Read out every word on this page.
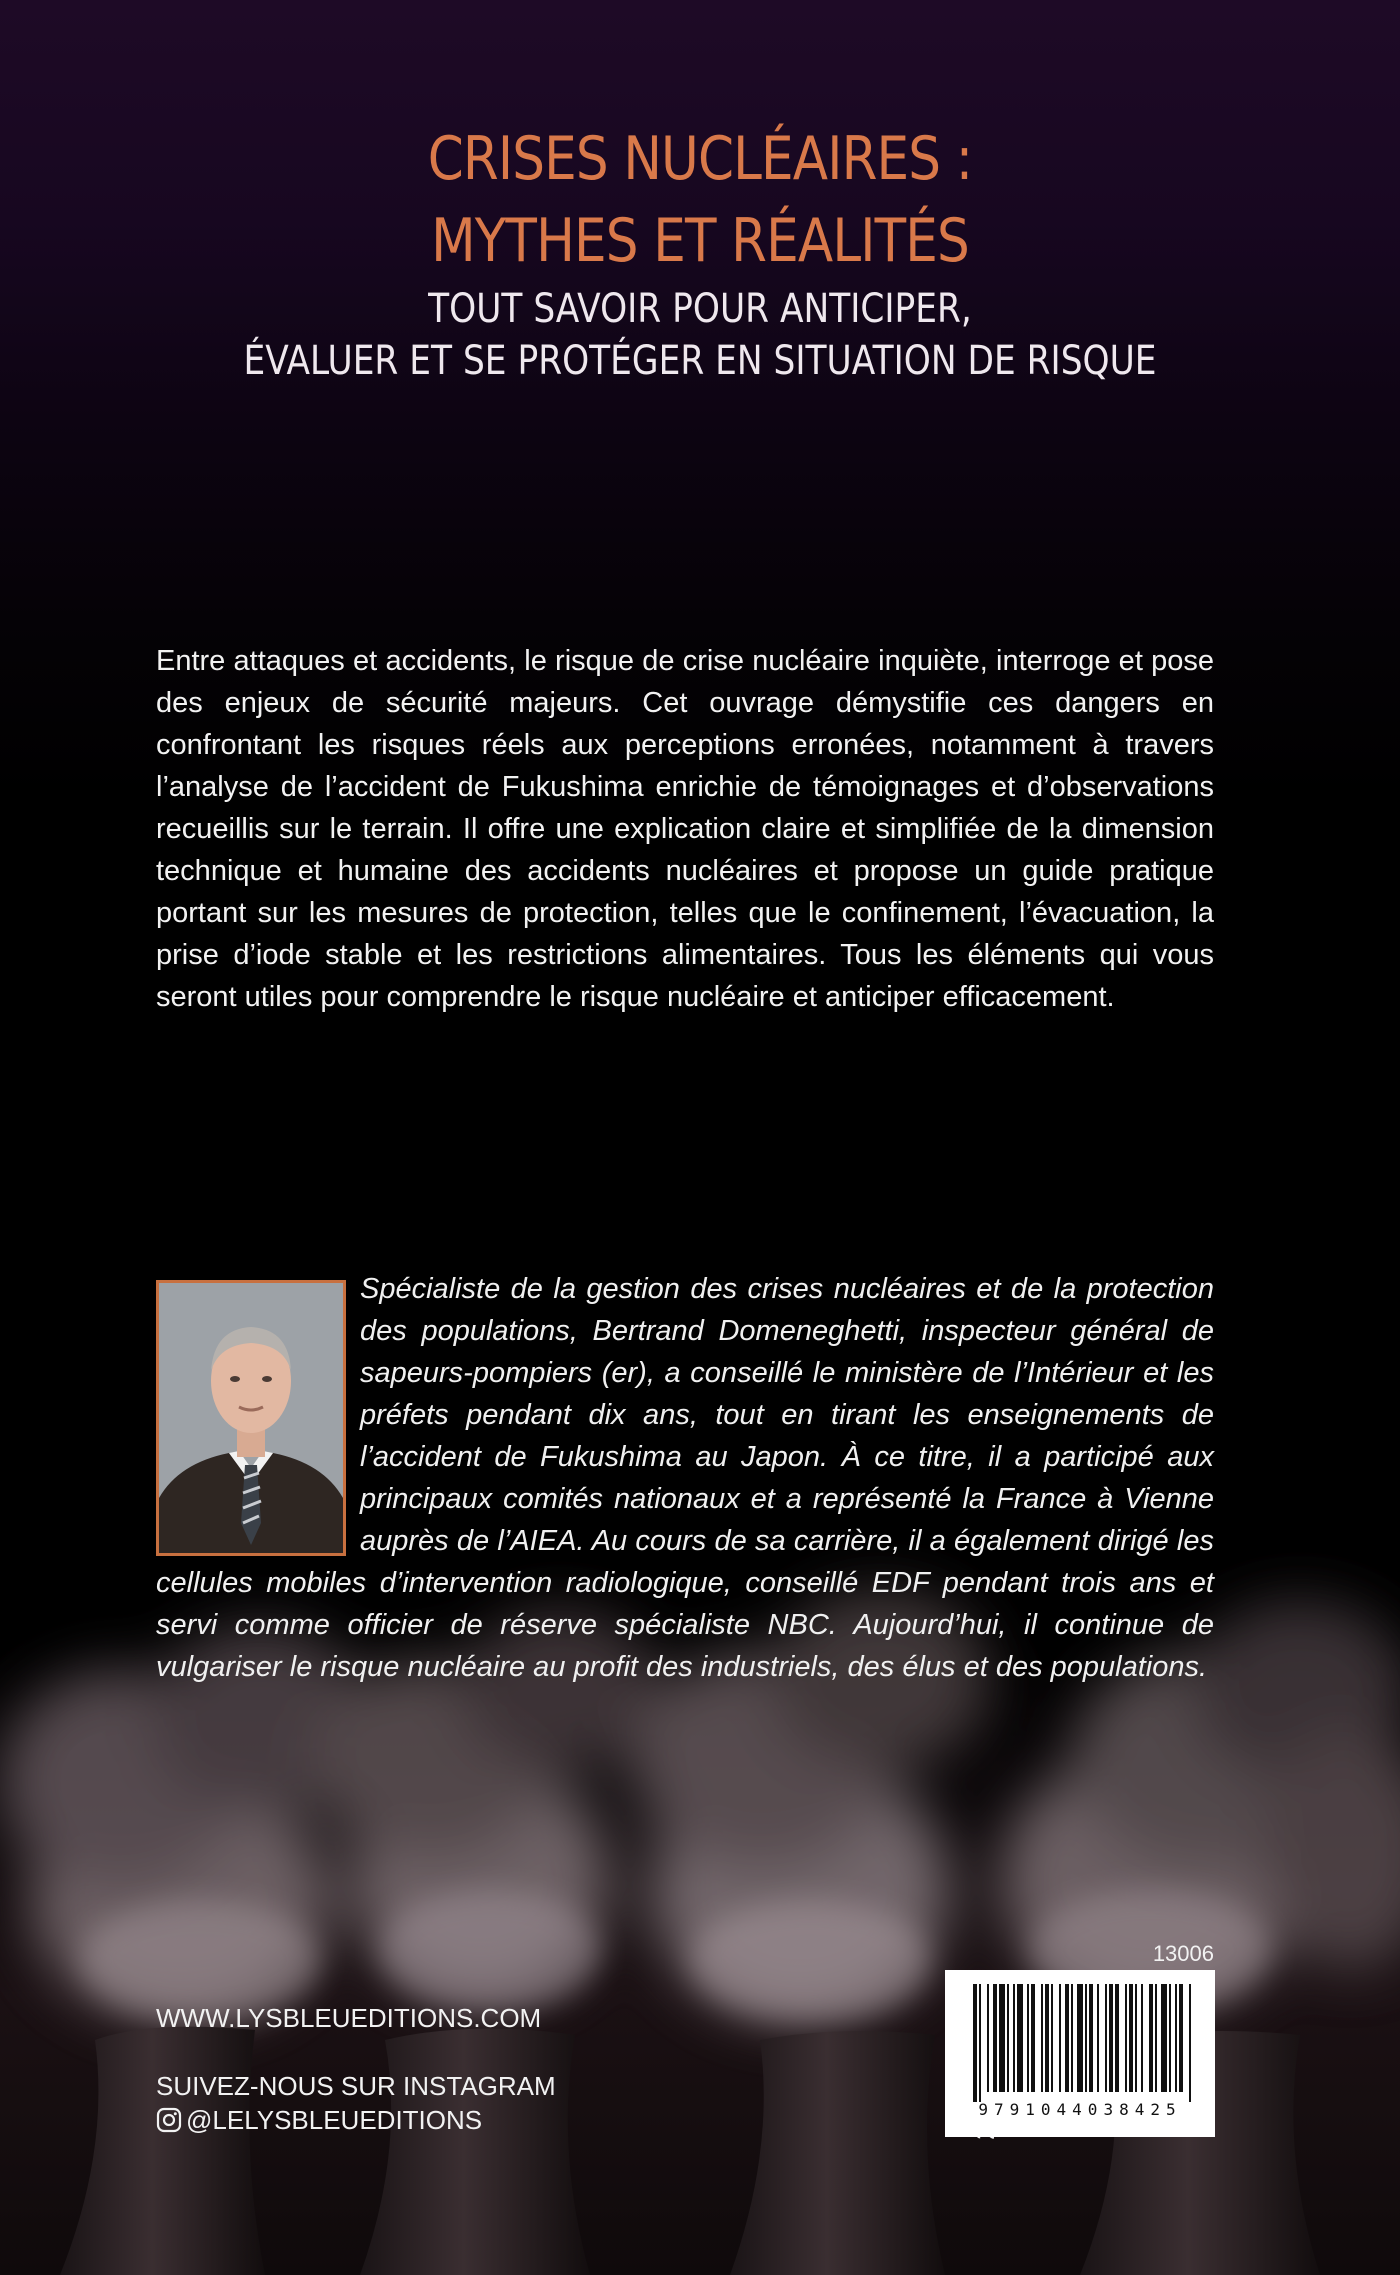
CRISES NUCLÉAIRES :
MYTHES ET RÉALITÉS
TOUT SAVOIR POUR ANTICIPER,
ÉVALUER ET SE PROTÉGER EN SITUATION DE RISQUE

Entre attaques et accidents, le risque de crise nucléaire inquiète, interroge et pose des enjeux de sécurité majeurs. Cet ouvrage démystifie ces dangers en confrontant les risques réels aux perceptions erronées, notamment à travers l’analyse de l’accident de Fukushima enrichie de témoignages et d’observations recueillis sur le terrain. Il offre une explication claire et simplifiée de la dimension technique et humaine des accidents nucléaires et propose un guide pratique portant sur les mesures de protection, telles que le confinement, l’évacuation, la prise d’iode stable et les restrictions alimentaires. Tous les éléments qui vous seront utiles pour comprendre le risque nucléaire et anticiper efficacement.

Spécialiste de la gestion des crises nucléaires et de la protection des populations, Bertrand Domeneghetti, inspecteur général de sapeurs-pompiers (er), a conseillé le ministère de l’Intérieur et les préfets pendant dix ans, tout en tirant les enseignements de l’accident de Fukushima au Japon. À ce titre, il a participé aux principaux comités nationaux et a représenté la France à Vienne auprès de l’AIEA. Au cours de sa carrière, il a également dirigé les cellules mobiles d’intervention radiologique, conseillé EDF pendant trois ans et servi comme officier de réserve spécialiste NBC. Aujourd’hui, il continue de vulgariser le risque nucléaire au profit des industriels, des élus et des populations.
WWW.LYSBLEUEDITIONS.COM
SUIVEZ-NOUS SUR INSTAGRAM
@LELYSBLEUEDITIONS
13006
9791044038425
